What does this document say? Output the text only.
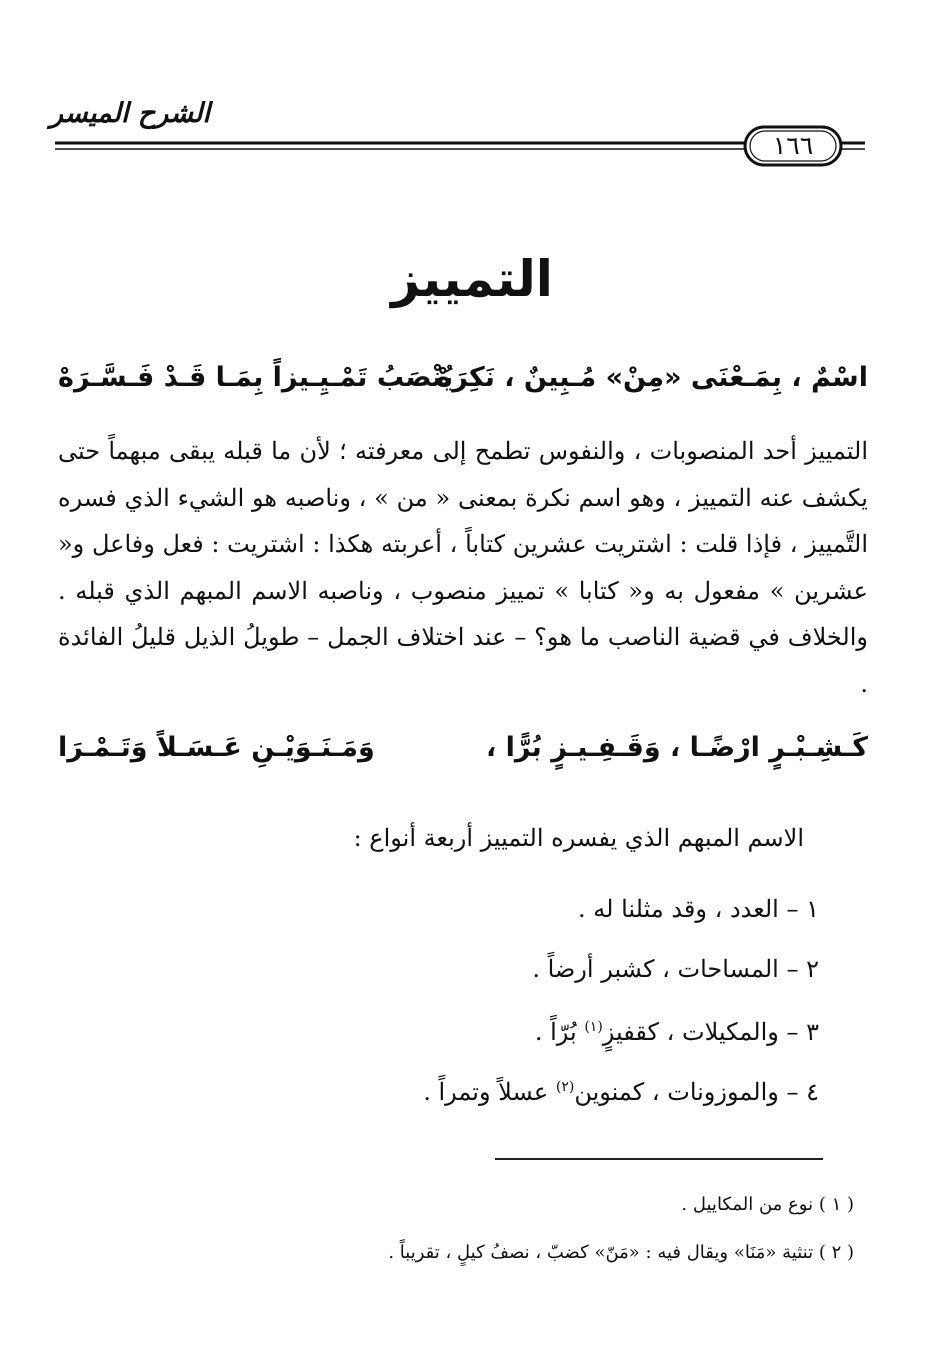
الشرح الميسر
١٦٦
التمييز
اسْمٌ ، بِمَـعْنَى «مِنْ» مُـبِينٌ ، نَكِرَهْ
يُنْصَبُ تَمْـيِـيزاً بِمَـا قَـدْ فَـسَّـرَهْ
التمييز أحد المنصوبات ، والنفوس تطمح إلى معرفته ؛ لأن ما قبله يبقى مبهماً حتى يكشف عنه التمييز ، وهو اسم نكرة بمعنى « من » ، وناصبه هو الشيء الذي فسره التَّمييز ، فإذا قلت : اشتريت عشرين كتاباً ، أعربته هكذا : اشتريت : فعل وفاعل و« عشرين » مفعول به و« كتابا » تمييز منصوب ، وناصبه الاسم المبهم الذي قبله . والخلاف في قضية الناصب ما هو؟ – عند اختلاف الجمل – طويلُ الذيل قليلُ الفائدة .
كَـشِـبْـرٍ ارْضًـا ، وَقَـفِـيـزٍ بُرًّا ،
وَمَـنَـوَيْـنِ عَـسَـلاً وَتَـمْـرَا
الاسم المبهم الذي يفسره التمييز أربعة أنواع :
١ – العدد ، وقد مثلنا له .
٢ – المساحات ، كشبر أرضاً .
٣ – والمكيلات ، كقفيزٍ$^{(١)}$ بُرّاً .
٤ – والموزونات ، كمنوين$^{(٢)}$ عسلاً وتمراً .
( ١ ) نوع من المكاييل .
( ٢ ) تنثية «مَنَا» ويقال فيه : «مَنّ» كضبّ ، نصفُ كيلٍ ، تقريباً .
